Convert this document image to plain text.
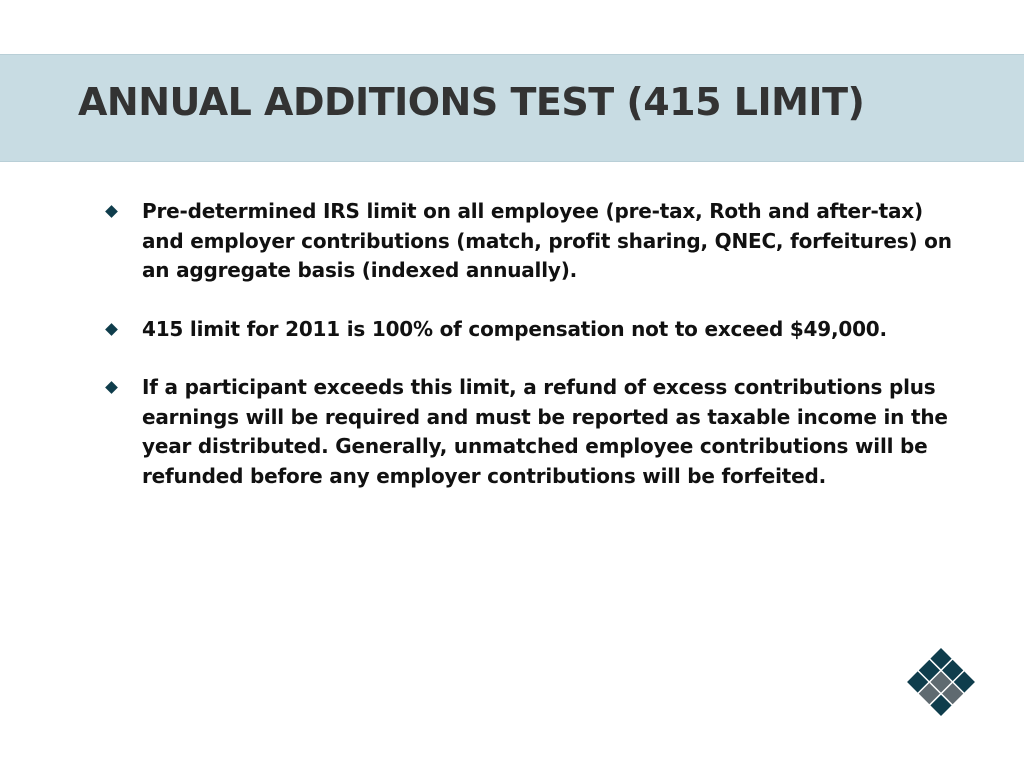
ANNUAL ADDITIONS TEST (415 LIMIT)
Pre-determined IRS limit on all employee (pre-tax, Roth and after-tax) and employer contributions (match, profit sharing, QNEC, forfeitures) on an aggregate basis (indexed annually).
415 limit for 2011 is 100% of compensation not to exceed $49,000.
If a participant exceeds this limit, a refund of excess contributions plus earnings will be required and must be reported as taxable income in the year distributed. Generally, unmatched employee contributions will be refunded before any employer contributions will be forfeited.
